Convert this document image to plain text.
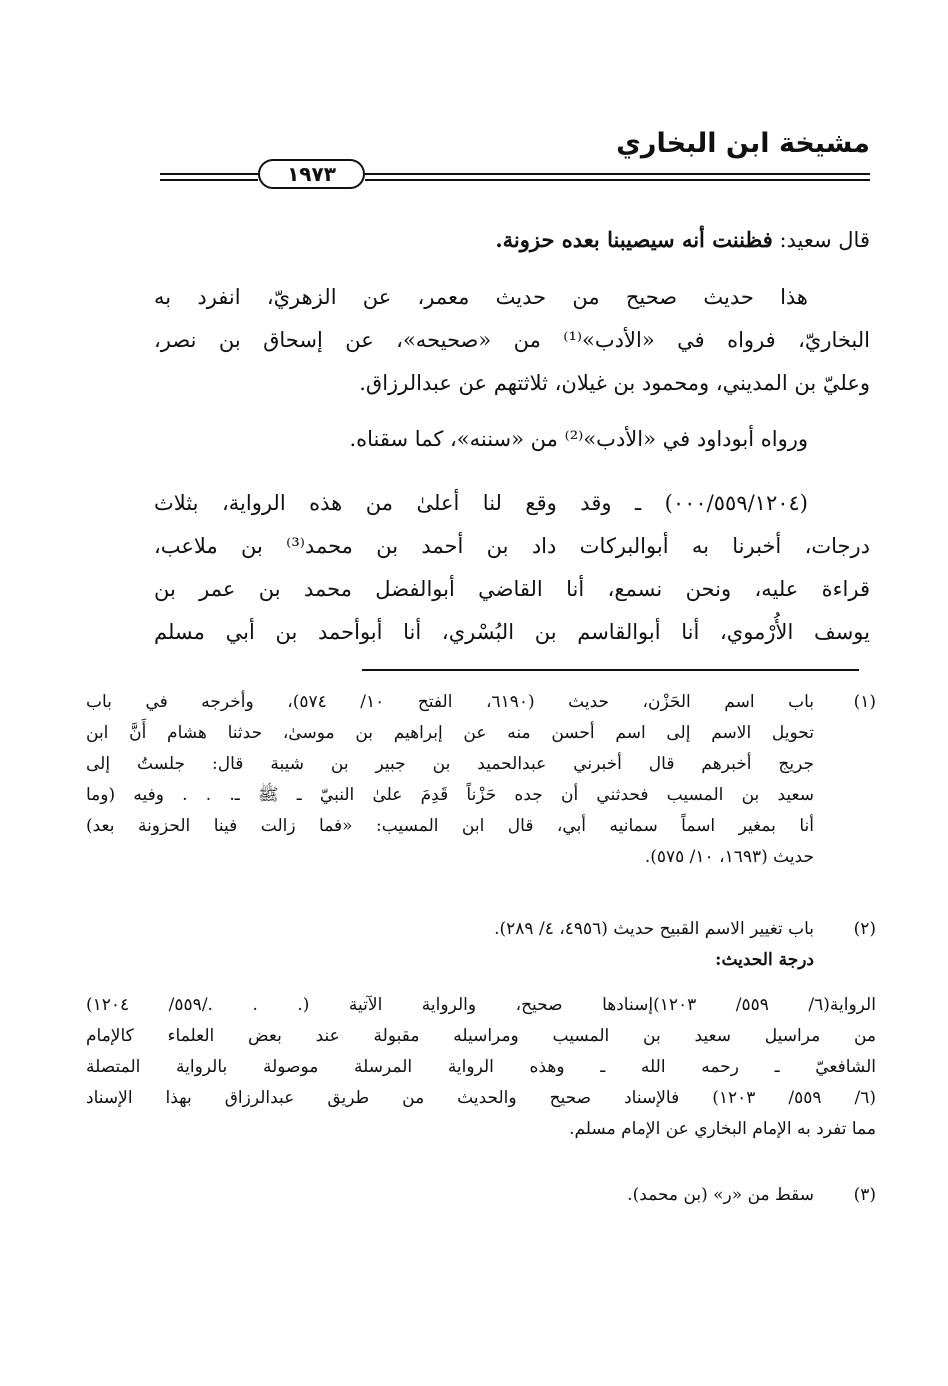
مشيخة ابن البخاري
١٩٧٣
قال سعيد: فظننت أنه سيصيبنا بعده حزونة.
هذا حديث صحيح من حديث معمر، عن الزهريّ، انفرد به
البخاريّ، فرواه في «الأدب»⁽¹⁾ من «صحيحه»، عن إسحاق بن نصر،
وعليّ بن المديني، ومحمود بن غيلان، ثلاثتهم عن عبدالرزاق.
ورواه أبوداود في «الأدب»⁽²⁾ من «سننه»، كما سقناه.
(٠٠٠/٥٥٩/١٢٠٤) ـ وقد وقع لنا أعلىٰ من هذه الرواية، بثلاث
درجات، أخبرنا به أبوالبركات داد بن أحمد بن محمد⁽³⁾ بن ملاعب،
قراءة عليه، ونحن نسمع، أنا القاضي أبوالفضل محمد بن عمر بن
يوسف الأُرْموي، أنا أبوالقاسم بن البُسْري، أنا أبوأحمد بن أبي مسلم
(١)
باب اسم الحَزْن، حديث (٦١٩٠، الفتح ١٠/ ٥٧٤)، وأخرجه في باب
تحويل الاسم إلى اسم أحسن منه عن إبراهيم بن موسىٰ، حدثنا هشام أَنَّ ابن
جريج أخبرهم قال أخبرني عبدالحميد بن جبير بن شيبة قال: جلستُ إلى
سعيد بن المسيب فحدثني أن جده حَزْناً قَدِمَ علىٰ النبيّ ـ ﷺ ـ. . . وفيه (وما
أنا بمغير اسماً سمانيه أبي، قال ابن المسيب: «فما زالت فينا الحزونة بعد)
حديث (١٦٩٣، ١٠/ ٥٧٥).
(٢)
باب تغيير الاسم القبيح حديث (٤٩٥٦، ٤/ ٢٨٩).
درجة الحديث:
الرواية(٦/ ٥٥٩/ ١٢٠٣)إسنادها صحيح، والرواية الآتية (. . ./٥٥٩/ ١٢٠٤)
من مراسيل سعيد بن المسيب ومراسيله مقبولة عند بعض العلماء كالإمام
الشافعيّ ـ رحمه الله ـ وهذه الرواية المرسلة موصولة بالرواية المتصلة
(٦/ ٥٥٩/ ١٢٠٣) فالإسناد صحيح والحديث من طريق عبدالرزاق بهذا الإسناد
مما تفرد به الإمام البخاري عن الإمام مسلم.
(٣)
سقط من «ر» (بن محمد).
